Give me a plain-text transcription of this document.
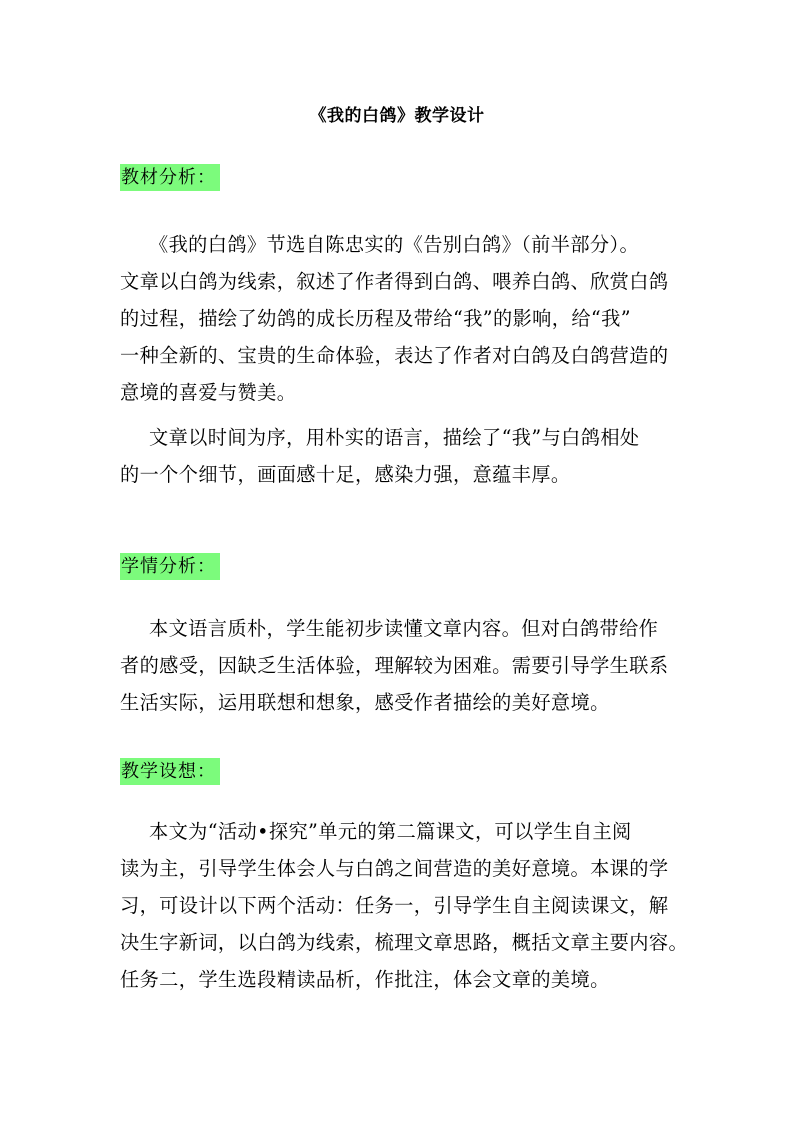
《我的白鸽》教学设计
教材分析：
《我的白鸽》节选自陈忠实的《告别白鸽》（前半部分）。
文章以白鸽为线索，叙述了作者得到白鸽、喂养白鸽、欣赏白鸽
的过程，描绘了幼鸽的成长历程及带给“我”的影响，给“我”
一种全新的、宝贵的生命体验，表达了作者对白鸽及白鸽营造的
意境的喜爱与赞美。
文章以时间为序，用朴实的语言，描绘了“我”与白鸽相处
的一个个细节，画面感十足，感染力强，意蕴丰厚。
学情分析：
本文语言质朴，学生能初步读懂文章内容。但对白鸽带给作
者的感受，因缺乏生活体验，理解较为困难。需要引导学生联系
生活实际，运用联想和想象，感受作者描绘的美好意境。
教学设想：
本文为“活动•探究”单元的第二篇课文，可以学生自主阅
读为主，引导学生体会人与白鸽之间营造的美好意境。本课的学
习，可设计以下两个活动：任务一，引导学生自主阅读课文，解
决生字新词，以白鸽为线索，梳理文章思路，概括文章主要内容。
任务二，学生选段精读品析，作批注，体会文章的美境。
